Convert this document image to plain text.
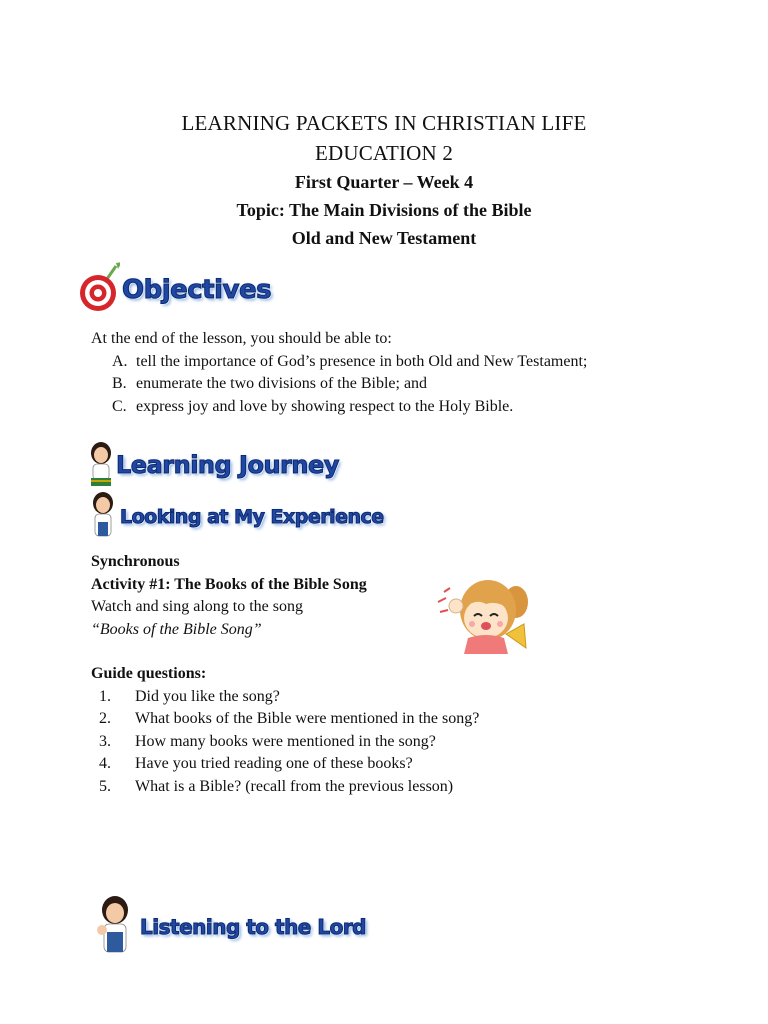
LEARNING PACKETS IN CHRISTIAN LIFE
EDUCATION 2
First Quarter – Week 4
Topic: The Main Divisions of the Bible
Old and New Testament
Objectives
At the end of the lesson, you should be able to:
A. tell the importance of God’s presence in both Old and New Testament;
B. enumerate the two divisions of the Bible; and
C. express joy and love by showing respect to the Holy Bible.
Learning Journey
Looking at My Experience
Synchronous
Activity #1: The Books of the Bible Song
Watch and sing along to the song
“Books of the Bible Song”
Guide questions:
1.	Did you like the song?
2.	What books of the Bible were mentioned in the song?
3.	How many books were mentioned in the song?
4.	Have you tried reading one of these books?
5.	What is a Bible? (recall from the previous lesson)
Listening to the Lord
